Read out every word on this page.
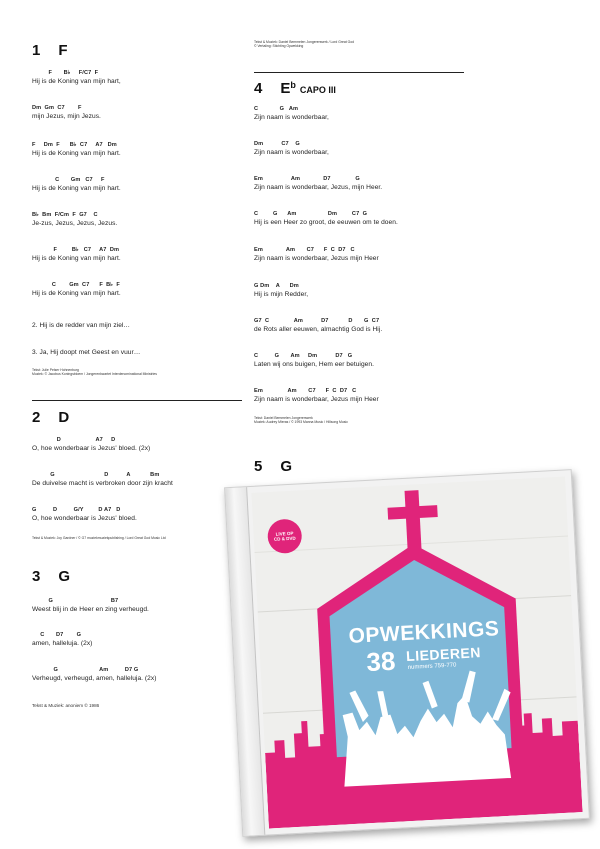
1 F
F       B♭     F/C7  F
Hij is de Koning van mijn hart,
Dm  Gm  C7        F
mijn Jezus, mijn Jezus.
F     Dm  F      B♭  C7     A7   Dm
Hij is de Koning van mijn hart.
C       Gm   C7     F
Hij is de Koning van mijn hart.
B♭  Bm  F/Cm  F  G7    C
Je-zus, Jezus, Jezus, Jezus.
F         B♭   C7     A7  Dm
Hij is de Koning van mijn hart.
C        Gm  C7      F  B♭  F
Hij is de Koning van mijn hart.
2. Hij is de redder van mijn ziel…
3. Ja, Hij doopt met Geest en vuur…
Tekst: Julie Pelser Hohnenburg
Muziek: © Jacobus Koningsbloem / Jongerenkwartet Interdenominational Ministries
2 D
D                     A7     D
O, hoe wonderbaar is Jezus' bloed. (2x)
G                              D           A            Bm
De duivelse macht is verbroken door zijn kracht
G          D          G/Y         D A7   D
O, hoe wonderbaar is Jezus' bloed.
Tekst & Muziek: Joy Gardner / © G7 muziekmuziekpublishing / Lord Great God Music Ltd
3 G
G                                   B7
Weest blij in de Heer en zing verheugd.
C       D7        G
amen, halleluja. (2x)
G                         Am          D7 G
Verheugd, verheugd, amen, halleluja. (2x)
Tekst & Muziek: anoniem © 1986
Tekst & Muziek: Daniel Bemmelen Jongerenwerk / Lord Great God
© Vertaling: Stichting Opwekking
4 $E^b$ CAPO III
C             G   Am
Zijn naam is wonderbaar,
Dm           C7    G
Zijn naam is wonderbaar,
Em                 Am              D7               G
Zijn naam is wonderbaar, Jezus, mijn Heer.
C         G      Am                   Dm         C7  G
Hij is een Heer zo groot, de eeuwen om te doen.
Em              Am       C7      F  C  D7   C
Zijn naam is wonderbaar, Jezus mijn Heer
G Dm    A      Dm
Hij is mijn Redder,
G7  C               Am           D7            D       G  C7
de Rots aller eeuwen, almachtig God is Hij.
C          G       Am     Dm           D7   G
Laten wij ons buigen, Hem eer betuigen.
Em               Am       C7      F  C  D7   C
Zijn naam is wonderbaar, Jezus mijn Heer
Tekst: Daniel Bemmelen Jongerenwerk
Muziek: Audrey Mieras / © 1993 Manna Music / Hillsong Music
5 G
LIVE OP
CD & DVD
OPWEKKINGS
38 LIEDEREN
nummers 759-770
